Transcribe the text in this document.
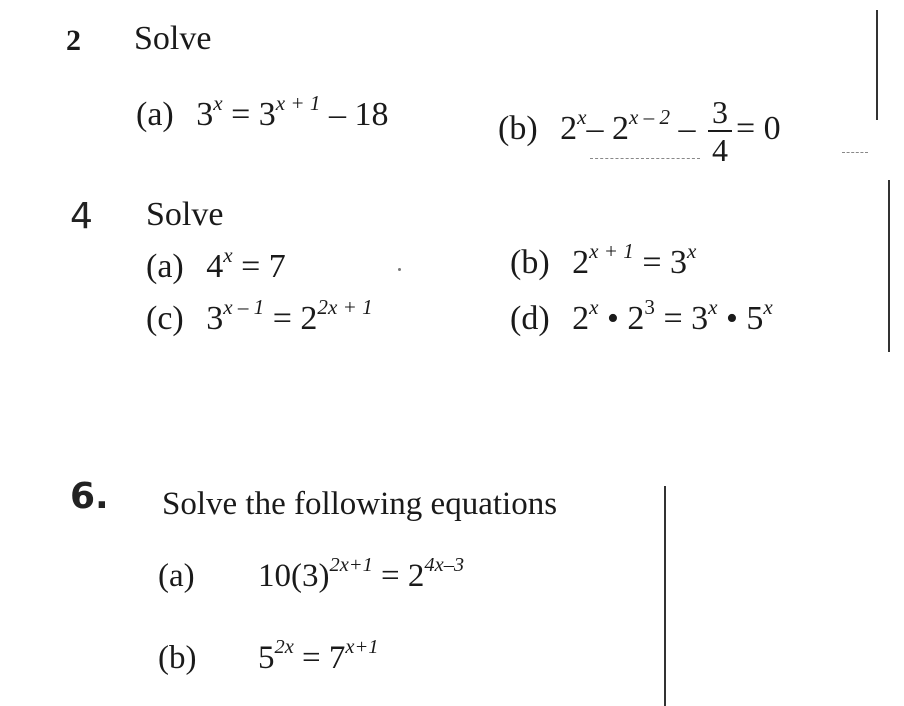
2 Solve
(a) $3^x = 3^{x + 1} - 18$	(b) 2$^x$– $2^{x - 2} - \frac{3}{4} = 0$
4 Solve
(a) $4^x = 7$	(b) $2^{x + 1} = 3^x$
(c) $3^{x - 1} = 2^{2x + 1}$	(d) 2$^x$ • $2^3 = 3^x$ • 5$^x$
6. Solve the following equations
(a) $10(3)^{2x+1} = 2^{4x-3}$
(b) $5^{2x} = 7^{x+1}$
